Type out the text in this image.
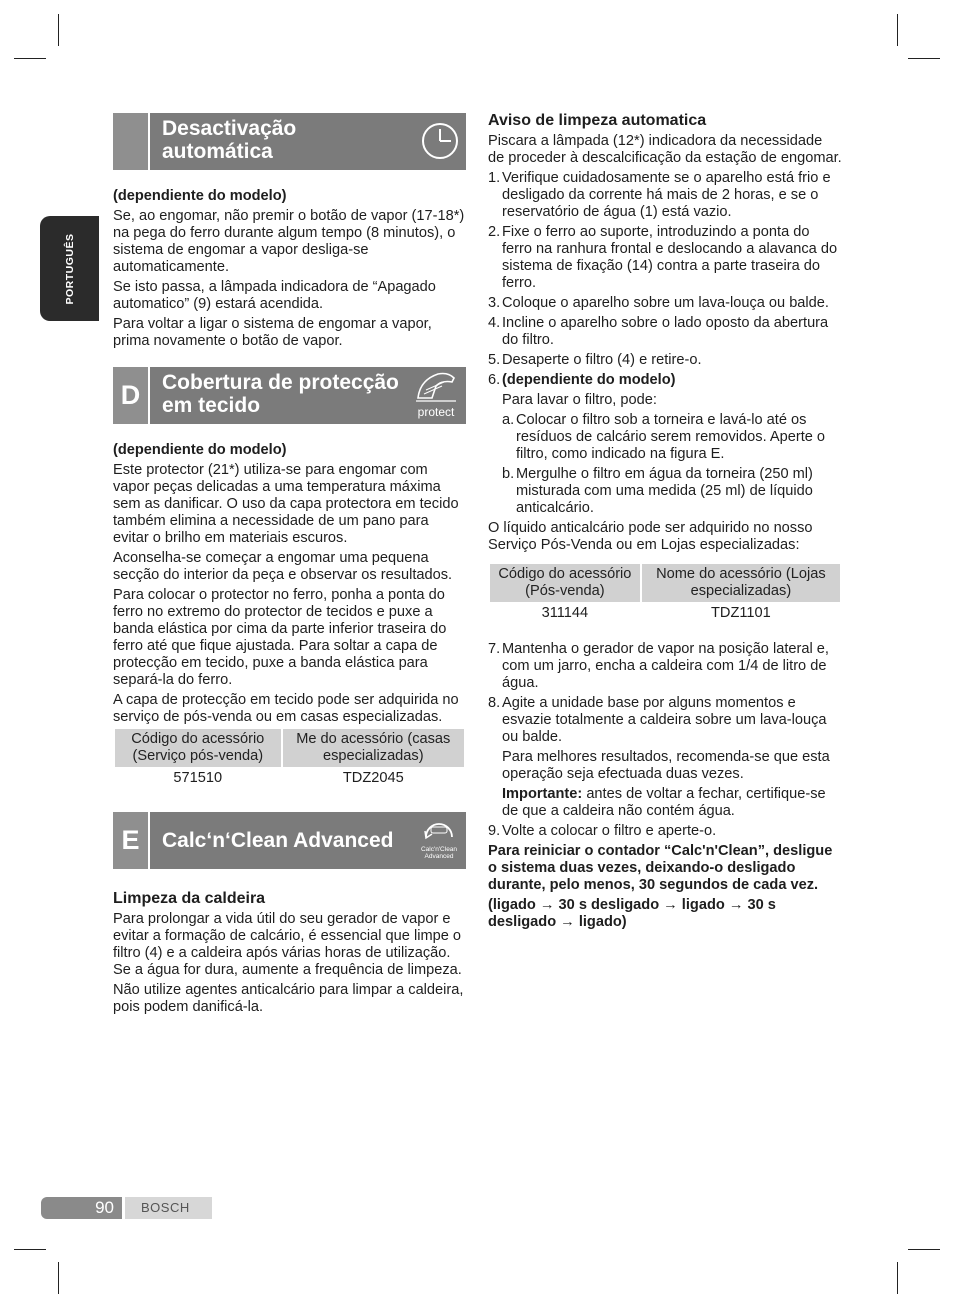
PORTUGUÊS
Desactivação automática

(dependiente do modelo)

Se, ao engomar, não premir o botão de vapor (17-18*) na pega do ferro durante algum tempo (8 minutos), o sistema de engomar a vapor desliga-se automaticamente.

Se isto passa, a lâmpada indicadora de “Apagado automatico” (9) estará acendida.

Para voltar a ligar o sistema de engomar a vapor, prima novamente o botão de vapor.

D	Cobertura de protecção em tecido	protect

(dependiente do modelo)

Este protector (21*) utiliza-se para engomar com vapor peças delicadas a uma temperatura máxima sem as danificar. O uso da capa protectora em tecido também elimina a necessidade de um pano para evitar o brilho em materiais escuros.

Aconselha-se começar a engomar uma pequena secção do interior da peça e observar os resultados.

Para colocar o protector no ferro, ponha a ponta do ferro no extremo do protector de tecidos e puxe a banda elástica por cima da parte inferior traseira do ferro até que fique ajustada. Para soltar a capa de protecção em tecido, puxe a banda elástica para separá-la do ferro.

A capa de protecção em tecido pode ser adquirida no serviço de pós-venda ou em casas especializadas.

Código do acessório (Serviço pós-venda)	Me do acessório (casas especializadas)
571510	TDZ2045
E	Calc‘n‘Clean Advanced	Calc'n'Clean
Advanced

Limpeza da caldeira

Para prolongar a vida útil do seu gerador de vapor e evitar a formação de calcário, é essencial que limpe o filtro (4) e a caldeira após várias horas de utilização. Se a água for dura, aumente a frequência de limpeza.

Não utilize agentes anticalcário para limpar a caldeira, pois podem danificá-la.

Aviso de limpeza automatica

Piscara a lâmpada (12*) indicadora da necessidade de proceder à descalcificação da estação de engomar.

1. Verifique cuidadosamente se o aparelho está frio e desligado da corrente há mais de 2 horas, e se o reservatório de água (1) está vazio.
2. Fixe o ferro ao suporte, introduzindo a ponta do ferro na ranhura frontal e deslocando a alavanca do sistema de fixação (14) contra a parte traseira do ferro.
3. Coloque o aparelho sobre um lava-louça ou balde.
4. Incline o aparelho sobre o lado oposto da abertura do filtro.
5. Desaperte o filtro (4) e retire-o.
6. (dependiente do modelo)

Para lavar o filtro, pode:

a. Colocar o filtro sob a torneira e lavá-lo até os resíduos de calcário serem removidos. Aperte o filtro, como indicado na figura E.
b. Mergulhe o filtro em água da torneira (250 ml) misturada com uma medida (25 ml) de líquido anticalcário.

O líquido anticalcário pode ser adquirido no nosso Serviço Pós-Venda ou em Lojas especializadas:

Código do acessório (Pós-venda)	Nome do acessório (Lojas especializadas)
311144	TDZ1101
7. Mantenha o gerador de vapor na posição lateral e, com um jarro, encha a caldeira com 1/4 de litro de água.
8. Agite a unidade base por alguns momentos e esvazie totalmente a caldeira sobre um lava-louça ou balde.

Para melhores resultados, recomenda-se que esta operação seja efectuada duas vezes.

Importante: antes de voltar a fechar, certifique-se de que a caldeira não contém água.

9. Volte a colocar o filtro e aperte-o.

Para reiniciar o contador “Calc'n'Clean”, desligue o sistema duas vezes, deixando-o desligado durante, pelo menos, 30 segundos de cada vez.

(ligado → 30 s desligado → ligado → 30 s desligado → ligado)

90	BOSCH
